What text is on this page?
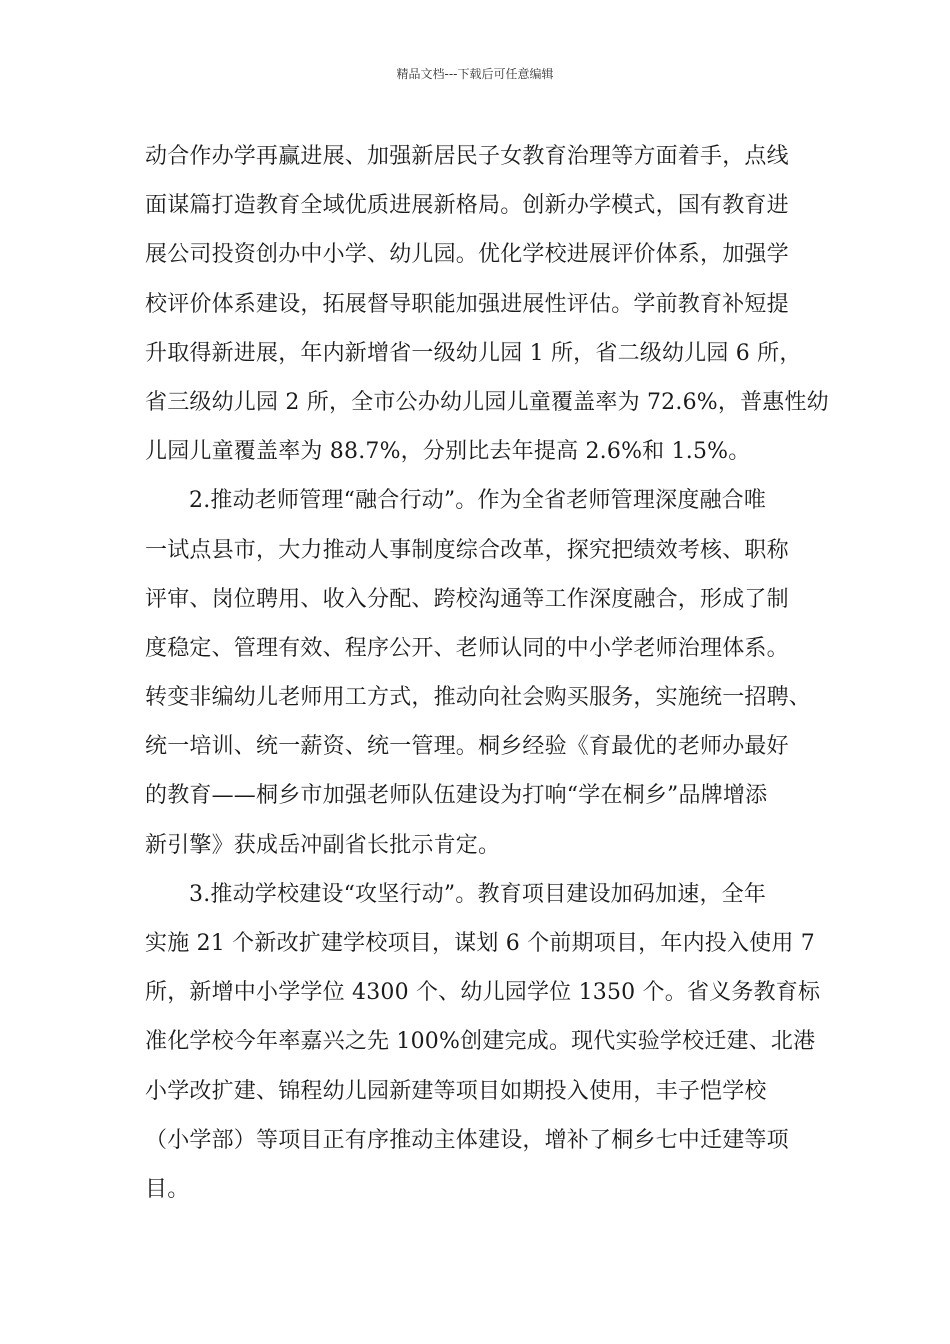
精品文档---下载后可任意编辑
动合作办学再赢进展、加强新居民子女教育治理等方面着手，点线
面谋篇打造教育全域优质进展新格局。创新办学模式，国有教育进
展公司投资创办中小学、幼儿园。优化学校进展评价体系，加强学
校评价体系建设，拓展督导职能加强进展性评估。学前教育补短提
升取得新进展，年内新增省一级幼儿园 1 所，省二级幼儿园 6 所，
省三级幼儿园 2 所，全市公办幼儿园儿童覆盖率为 72.6%，普惠性幼
儿园儿童覆盖率为 88.7%，分别比去年提高 2.6%和 1.5%。
2.推动老师管理“融合行动”。作为全省老师管理深度融合唯
一试点县市，大力推动人事制度综合改革，探究把绩效考核、职称
评审、岗位聘用、收入分配、跨校沟通等工作深度融合，形成了制
度稳定、管理有效、程序公开、老师认同的中小学老师治理体系。
转变非编幼儿老师用工方式，推动向社会购买服务，实施统一招聘、
统一培训、统一薪资、统一管理。桐乡经验《育最优的老师办最好
的教育——桐乡市加强老师队伍建设为打响“学在桐乡”品牌增添
新引擎》获成岳冲副省长批示肯定。
3.推动学校建设“攻坚行动”。教育项目建设加码加速，全年
实施 21 个新改扩建学校项目，谋划 6 个前期项目，年内投入使用 7
所，新增中小学学位 4300 个、幼儿园学位 1350 个。省义务教育标
准化学校今年率嘉兴之先 100%创建完成。现代实验学校迁建、北港
小学改扩建、锦程幼儿园新建等项目如期投入使用，丰子恺学校
（小学部）等项目正有序推动主体建设，增补了桐乡七中迁建等项
目。
